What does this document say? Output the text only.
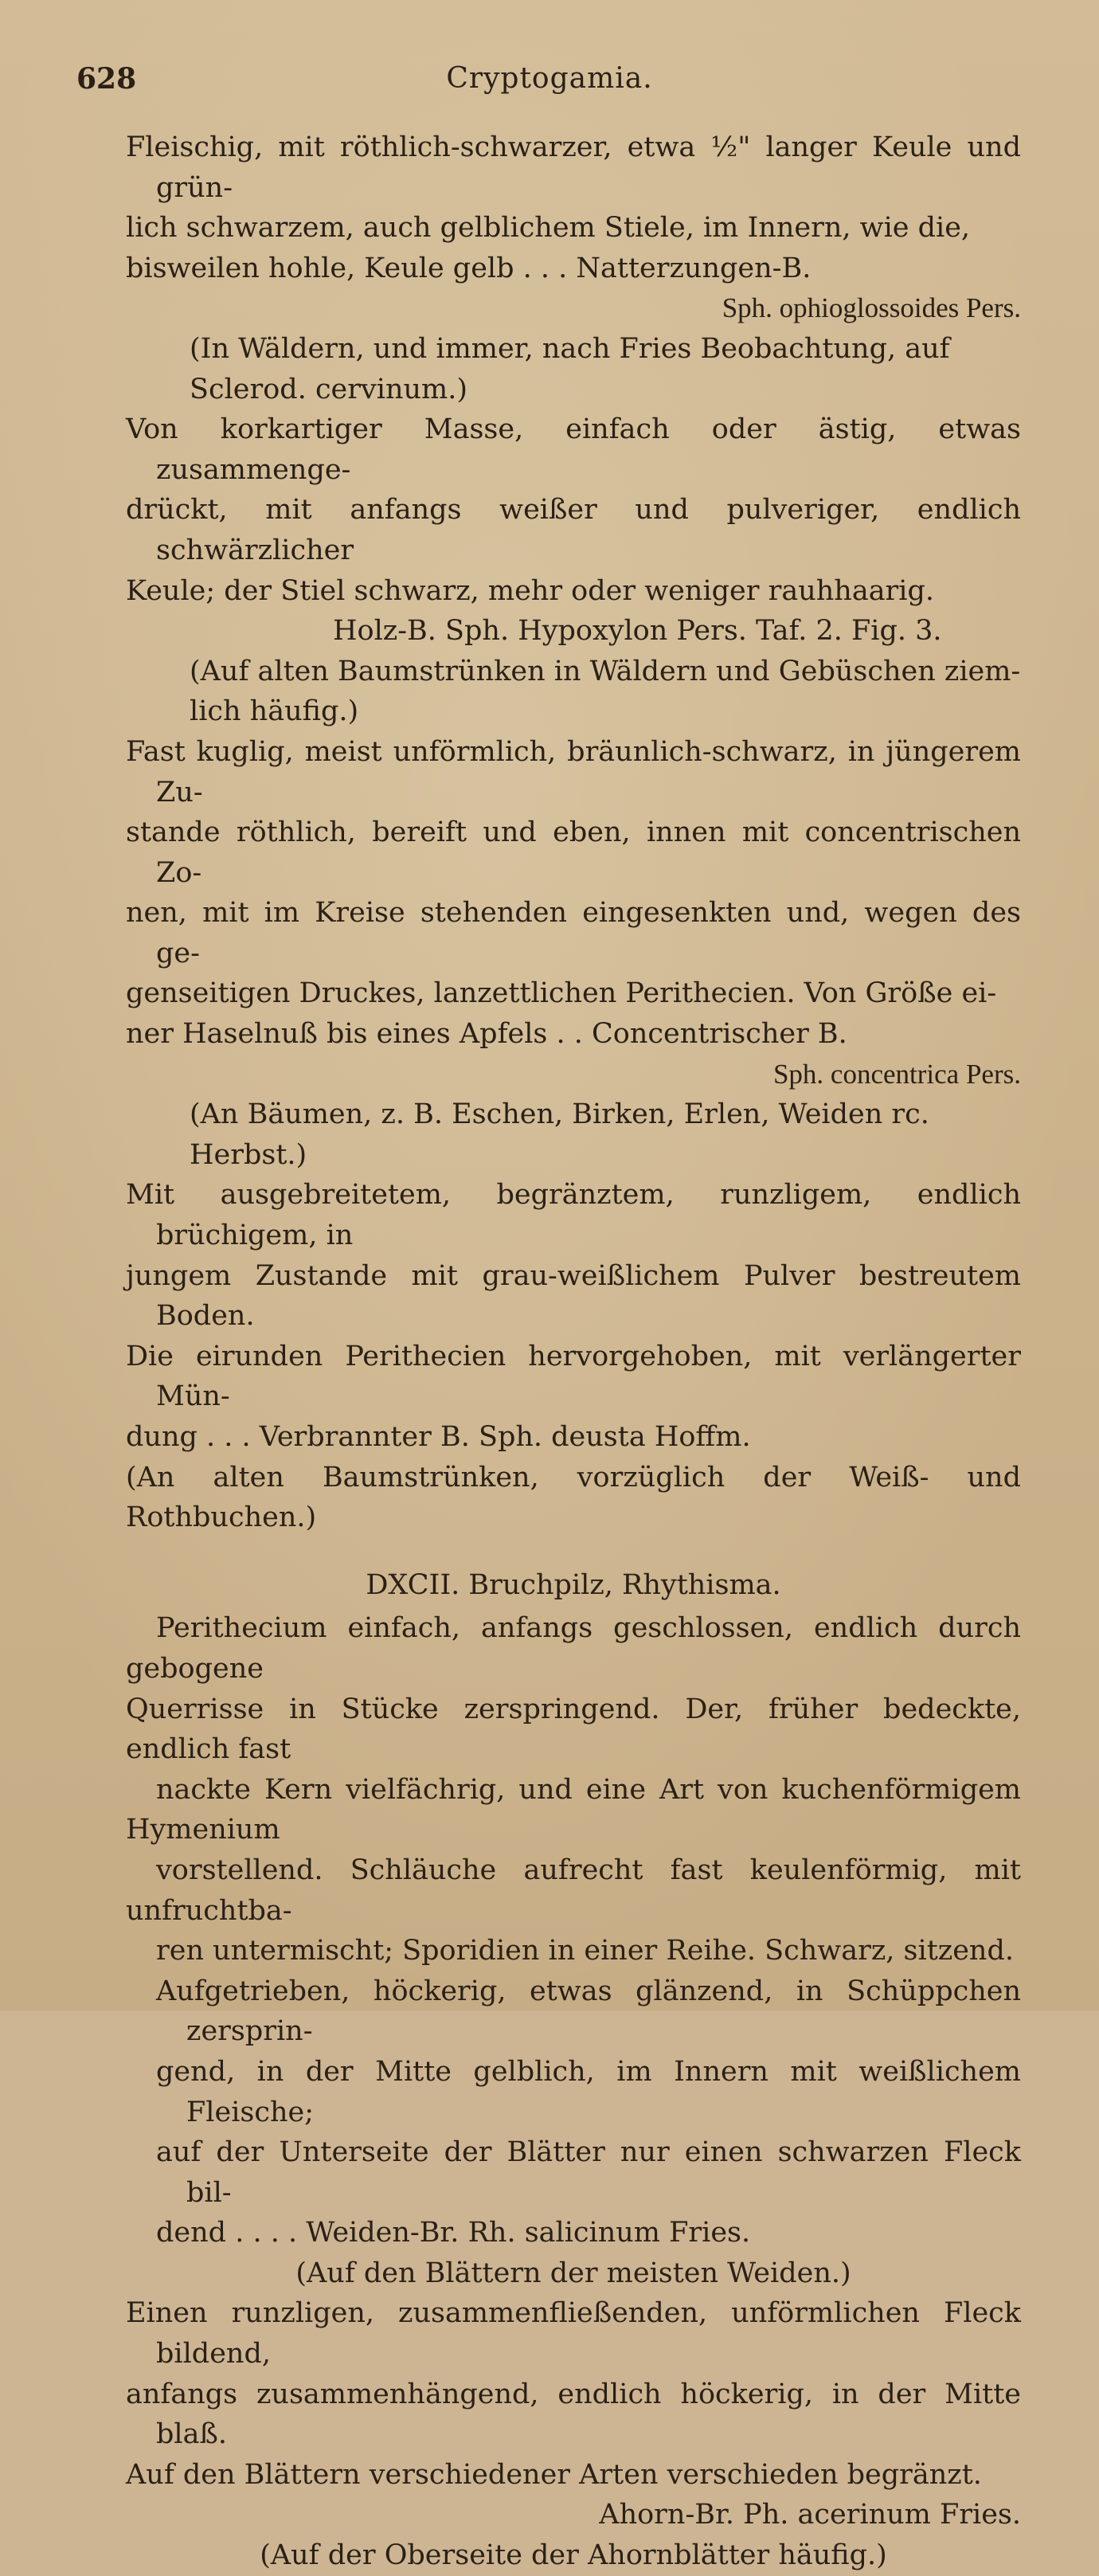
628	Cryptogamia.
Fleischig, mit röthlich-schwarzer, etwa ½" langer Keule und grün-
lich schwarzem, auch gelblichem Stiele, im Innern, wie die,
bisweilen hohle, Keule gelb . . . Natterzungen-B.
Sph. ophioglossoides Pers.
(In Wäldern, und immer, nach Fries Beobachtung, auf
Sclerod. cervinum.)
Von korkartiger Masse, einfach oder ästig, etwas zusammenge-
drückt, mit anfangs weißer und pulveriger, endlich schwärzlicher
Keule; der Stiel schwarz, mehr oder weniger rauhhaarig.
Holz-B. Sph. Hypoxylon Pers. Taf. 2. Fig. 3.
(Auf alten Baumstrünken in Wäldern und Gebüschen ziem-
lich häufig.)
Fast kuglig, meist unförmlich, bräunlich-schwarz, in jüngerem Zu-
stande röthlich, bereift und eben, innen mit concentrischen Zo-
nen, mit im Kreise stehenden eingesenkten und, wegen des ge-
genseitigen Druckes, lanzettlichen Perithecien. Von Größe ei-
ner Haselnuß bis eines Apfels . . Concentrischer B.
Sph. concentrica Pers.
(An Bäumen, z. B. Eschen, Birken, Erlen, Weiden rc.
Herbst.)
Mit ausgebreitetem, begränztem, runzligem, endlich brüchigem, in
jungem Zustande mit grau-weißlichem Pulver bestreutem Boden.
Die eirunden Perithecien hervorgehoben, mit verlängerter Mün-
dung . . . Verbrannter B. Sph. deusta Hoffm.
(An alten Baumstrünken, vorzüglich der Weiß- und Rothbuchen.)
DXCII. Bruchpilz, Rhythisma.
Perithecium einfach, anfangs geschlossen, endlich durch gebogene
Querrisse in Stücke zerspringend. Der, früher bedeckte, endlich fast
nackte Kern vielfächrig, und eine Art von kuchenförmigem Hymenium
vorstellend. Schläuche aufrecht fast keulenförmig, mit unfruchtba-
ren untermischt; Sporidien in einer Reihe. Schwarz, sitzend.
Aufgetrieben, höckerig, etwas glänzend, in Schüppchen zersprin-
gend, in der Mitte gelblich, im Innern mit weißlichem Fleische;
auf der Unterseite der Blätter nur einen schwarzen Fleck bil-
dend . . . . Weiden-Br. Rh. salicinum Fries.
(Auf den Blättern der meisten Weiden.)
Einen runzligen, zusammenfließenden, unförmlichen Fleck bildend,
anfangs zusammenhängend, endlich höckerig, in der Mitte blaß.
Auf den Blättern verschiedener Arten verschieden begränzt.
Ahorn-Br. Ph. acerinum Fries.
(Auf der Oberseite der Ahornblätter häufig.)
